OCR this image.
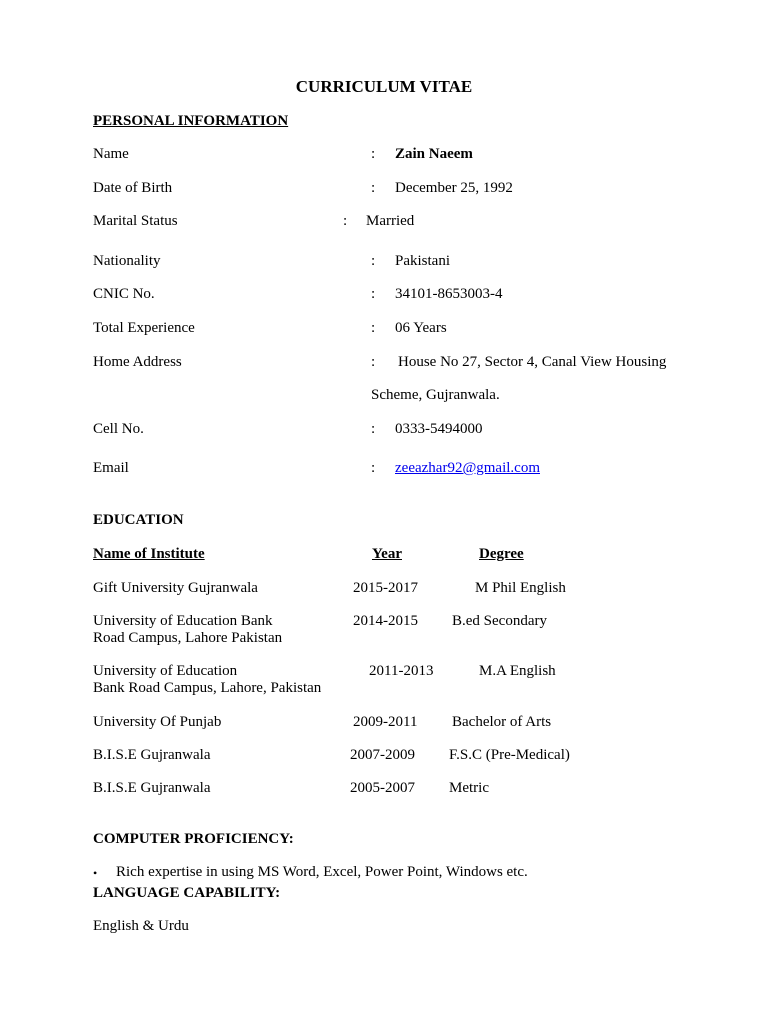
CURRICULUM VITAE
PERSONAL INFORMATION
Name	: Zain Naeem
Date of Birth	: December 25, 1992
Marital Status	: Married
Nationality	: Pakistani
CNIC No.	: 34101-8653003-4
Total Experience	: 06 Years
Home Address	: House No 27, Sector 4, Canal View Housing
Scheme, Gujranwala.
Cell No.	: 0333-5494000
Email	: zeeazhar92@gmail.com
EDUCATION
Name of Institute	Year	Degree
Gift University Gujranwala	2015-2017	M Phil English
University of Education Bank
Road Campus, Lahore Pakistan
2014-2015 B.ed Secondary
University of Education
Bank Road Campus, Lahore, Pakistan
2011-2013	M.A English
University Of Punjab	2009-2011 Bachelor of Arts
B.I.S.E Gujranwala	2007-2009 F.S.C (Pre-Medical)
B.I.S.E Gujranwala	2005-2007 Metric
COMPUTER PROFICIENCY:
• Rich expertise in using MS Word, Excel, Power Point, Windows etc.
LANGUAGE CAPABILITY:
English & Urdu
